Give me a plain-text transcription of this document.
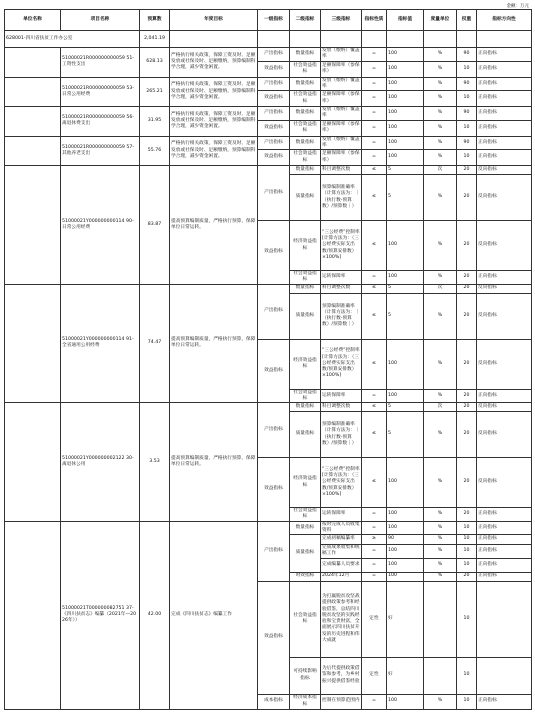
金额：万元
单位名称	项目名称	预算数	年度目标	一级指标	二级指标	三级指标	指标性质	指标值	度量单位	权重	指标方向性
628001-四川省扶贫工作办公室		2,041.19									
	51000021R000000000059 51-工资性支出	628.13	严格执行相关政策，保障工资及时、足额发放或社保及时、足额缴纳，预算编制科学合理，减少资金闲置。	产出指标	数量指标	发放（缴纳）覆盖率	=	100	%	90	正向指标
				效益指标	社会效益指标	足额保障率（参保率）	=	100	%	10	正向指标
	51000021R000000000059 53-日常公用经费	265.21	严格执行相关政策，保障工资及时、足额发放或社保及时、足额缴纳，预算编制科学合理，减少资金闲置。	产出指标	数量指标	发放（缴纳）覆盖率	=	100	%	90	正向指标
				效益指标	社会效益指标	足额保障率（参保率）	=	100	%	10	正向指标
	51000021R000000000059 56-离退休费支出	31.95	严格执行相关政策，保障工资及时、足额发放或社保及时、足额缴纳，预算编制科学合理，减少资金闲置。	产出指标	数量指标	发放（缴纳）覆盖率	=	100	%	90	正向指标
				效益指标	社会效益指标	足额保障率（参保率）	=	100	%	10	正向指标
	51000021R000000000059 57-其他养老支出	55.76	严格执行相关政策，保障工资及时、足额发放或社保及时、足额缴纳，预算编制科学合理，减少资金闲置。	产出指标	数量指标	发放（缴纳）覆盖率	=	100	%	90	正向指标
				效益指标	社会效益指标	足额保障率（参保率）	=	100	%	10	正向指标
	51000021Y000000000114 90-日常公用经费	83.87	提高预算编制质量，严格执行预算，保障单位日常运转。	产出指标	数量指标	科目调整次数	≤	5	次	20	反向指标
					质量指标	预算编制准确率（计算方法为：｜（执行数-预算数）/预算数｜）	≤	5	%	20	反向指标
				效益指标	经济效益指标	“三公经费”控制率[计算方法为：（三公经费实际支出数/预算安排数）×100%]	≤	100	%	20	反向指标
					社会效益指标	运转保障率	=	100	%	20	正向指标
	51000021Y000000000114 91-全省通用公用经费	74.47	提高预算编制质量，严格执行预算，保障单位日常运转。	产出指标	数量指标	科目调整次数	≤	5	次	20	反向指标
					质量指标	预算编制准确率（计算方法为：｜（执行数-预算数）/预算数｜）	≤	5	%	20	反向指标
				效益指标	经济效益指标	“三公经费”控制率[计算方法为：（三公经费实际支出数/预算安排数）×100%]	≤	100	%	20	反向指标
					社会效益指标	运转保障率	=	100	%	20	正向指标
	51000021Y000000002122 30-离退休公用	3.53	提高预算编制质量，严格执行预算，保障单位日常运转。	产出指标	数量指标	科目调整次数	≤	5	次	20	反向指标
					质量指标	预算编制准确率（计算方法为：｜（执行数-预算数）/预算数｜）	≤	5	%	20	反向指标
				效益指标	经济效益指标	“三公经费”控制率[计算方法为：（三公经费实际支出数/预算安排数）×100%]	≤	100	%	20	反向指标
					社会效益指标	运转保障率	=	100	%	20	正向指标
	51000021T000000082751 37-《四川扶贫志》编纂（2021年—2026年））	42.00	完成《四川扶贫志》编纂工作	产出指标	数量指标	按时完成人员收集资料	=	100	%	10	正向指标
					质量指标	完成初稿编纂率	≥	90	%	10	正向指标
						完成成果收集和统稿工作	=	100	%	10	正向指标
						完成编纂人员要求	=	100	%	10	正向指标
					时效指标	2024年12月	=	100	%	20	正向指标
				效益指标	社会效益指标	为打赢脱贫攻坚战提供政策参考和经验借鉴，总结四川脱贫攻坚的实践经验和宝贵财富，全面展示四川扶贫开发的历史进程和伟大成就	定性	好		10	
					可持续影响指标	为后代提供政策借鉴和参考，为乡村振兴提供借鉴经验	定性	好		10	
				成本指标	经济成本指标	控制在预算范围内	=	100	%	10	正向指标
